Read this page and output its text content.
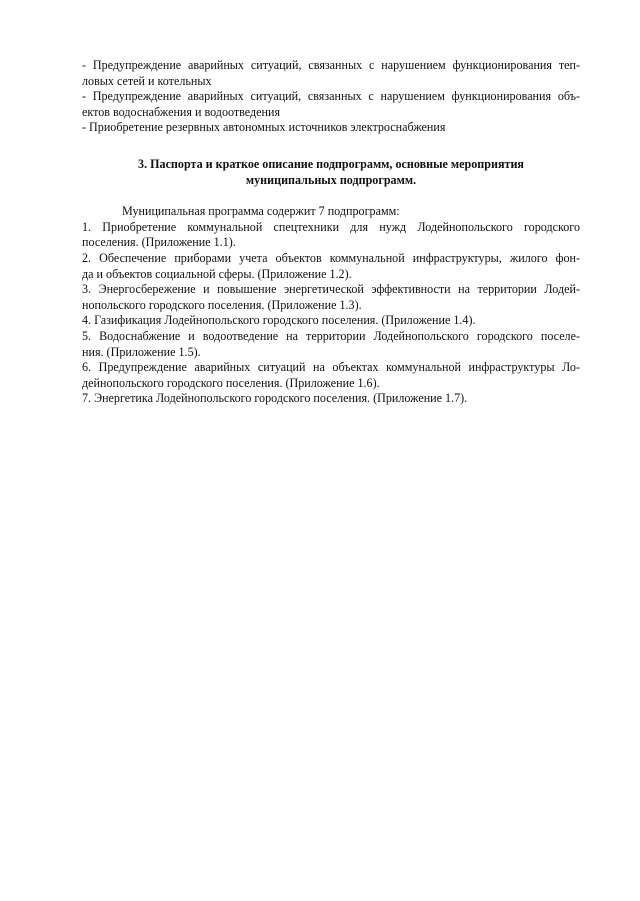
- Предупреждение аварийных ситуаций, связанных с нарушением функционирования теп-
ловых сетей и котельных
- Предупреждение аварийных ситуаций, связанных с нарушением функционирования объ-
ектов водоснабжения и водоотведения
- Приобретение резервных автономных источников электроснабжения
3. Паспорта и краткое описание подпрограмм, основные мероприятия
муниципальных подпрограмм.
Муниципальная программа содержит 7 подпрограмм:
1. Приобретение коммунальной спецтехники для нужд Лодейнопольского городского
поселения. (Приложение 1.1).
2. Обеспечение приборами учета объектов коммунальной инфраструктуры, жилого фон-
да и объектов социальной сферы. (Приложение 1.2).
3. Энергосбережение и повышение энергетической эффективности на территории Лодей-
нопольского городского поселения. (Приложение 1.3).
4. Газификация Лодейнопольского городского поселения. (Приложение 1.4).
5. Водоснабжение и водоотведение на территории Лодейнопольского городского поселе-
ния. (Приложение 1.5).
6. Предупреждение аварийных ситуаций на объектах коммунальной инфраструктуры Ло-
дейнопольского городского поселения. (Приложение 1.6).
7. Энергетика Лодейнопольского городского поселения. (Приложение 1.7).
